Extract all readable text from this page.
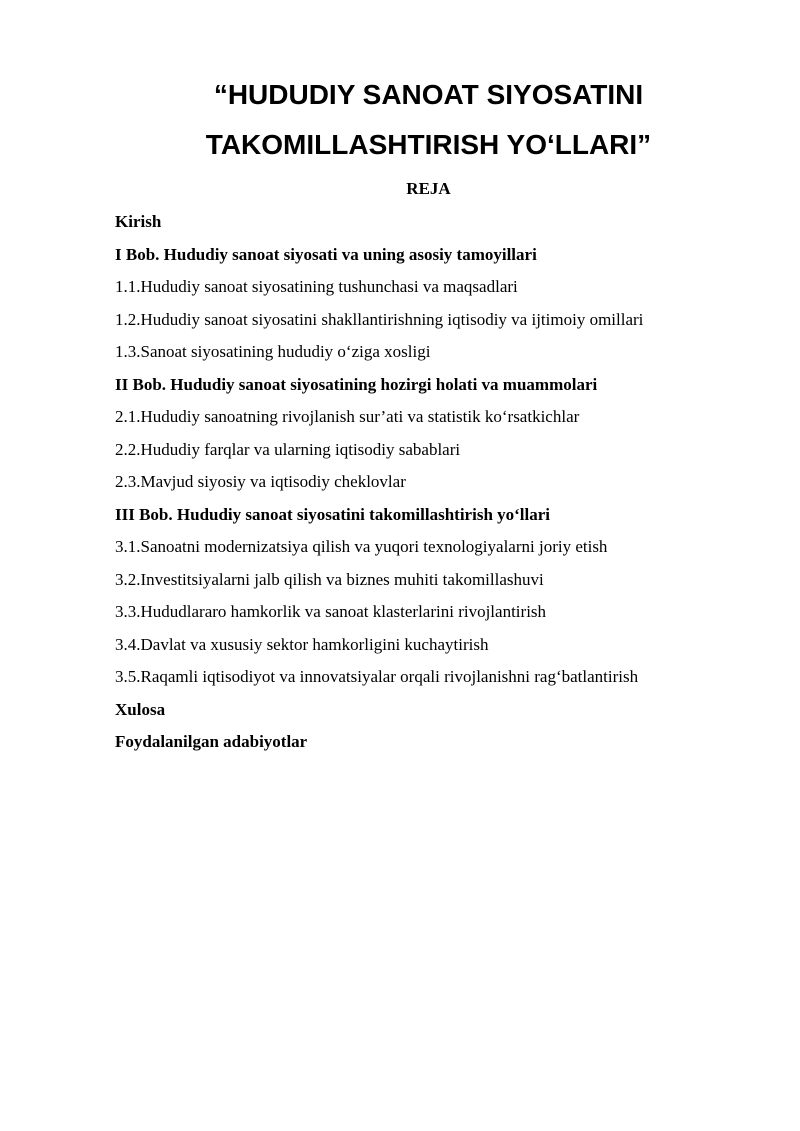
“HUDUDIY SANOAT SIYOSATINI
TAKOMILLASHTIRISH YO‘LLARI”
REJA
Kirish
I Bob. Hududiy sanoat siyosati va uning asosiy tamoyillari
1.1.Hududiy sanoat siyosatining tushunchasi va maqsadlari
1.2.Hududiy sanoat siyosatini shakllantirishning iqtisodiy va ijtimoiy omillari
1.3.Sanoat siyosatining hududiy o‘ziga xosligi
II Bob. Hududiy sanoat siyosatining hozirgi holati va muammolari
2.1.Hududiy sanoatning rivojlanish sur’ati va statistik ko‘rsatkichlar
2.2.Hududiy farqlar va ularning iqtisodiy sabablari
2.3.Mavjud siyosiy va iqtisodiy cheklovlar
III Bob. Hududiy sanoat siyosatini takomillashtirish yo‘llari
3.1.Sanoatni modernizatsiya qilish va yuqori texnologiyalarni joriy etish
3.2.Investitsiyalarni jalb qilish va biznes muhiti takomillashuvi
3.3.Hududlararo hamkorlik va sanoat klasterlarini rivojlantirish
3.4.Davlat va xususiy sektor hamkorligini kuchaytirish
3.5.Raqamli iqtisodiyot va innovatsiyalar orqali rivojlanishni rag‘batlantirish
Xulosa
Foydalanilgan adabiyotlar
